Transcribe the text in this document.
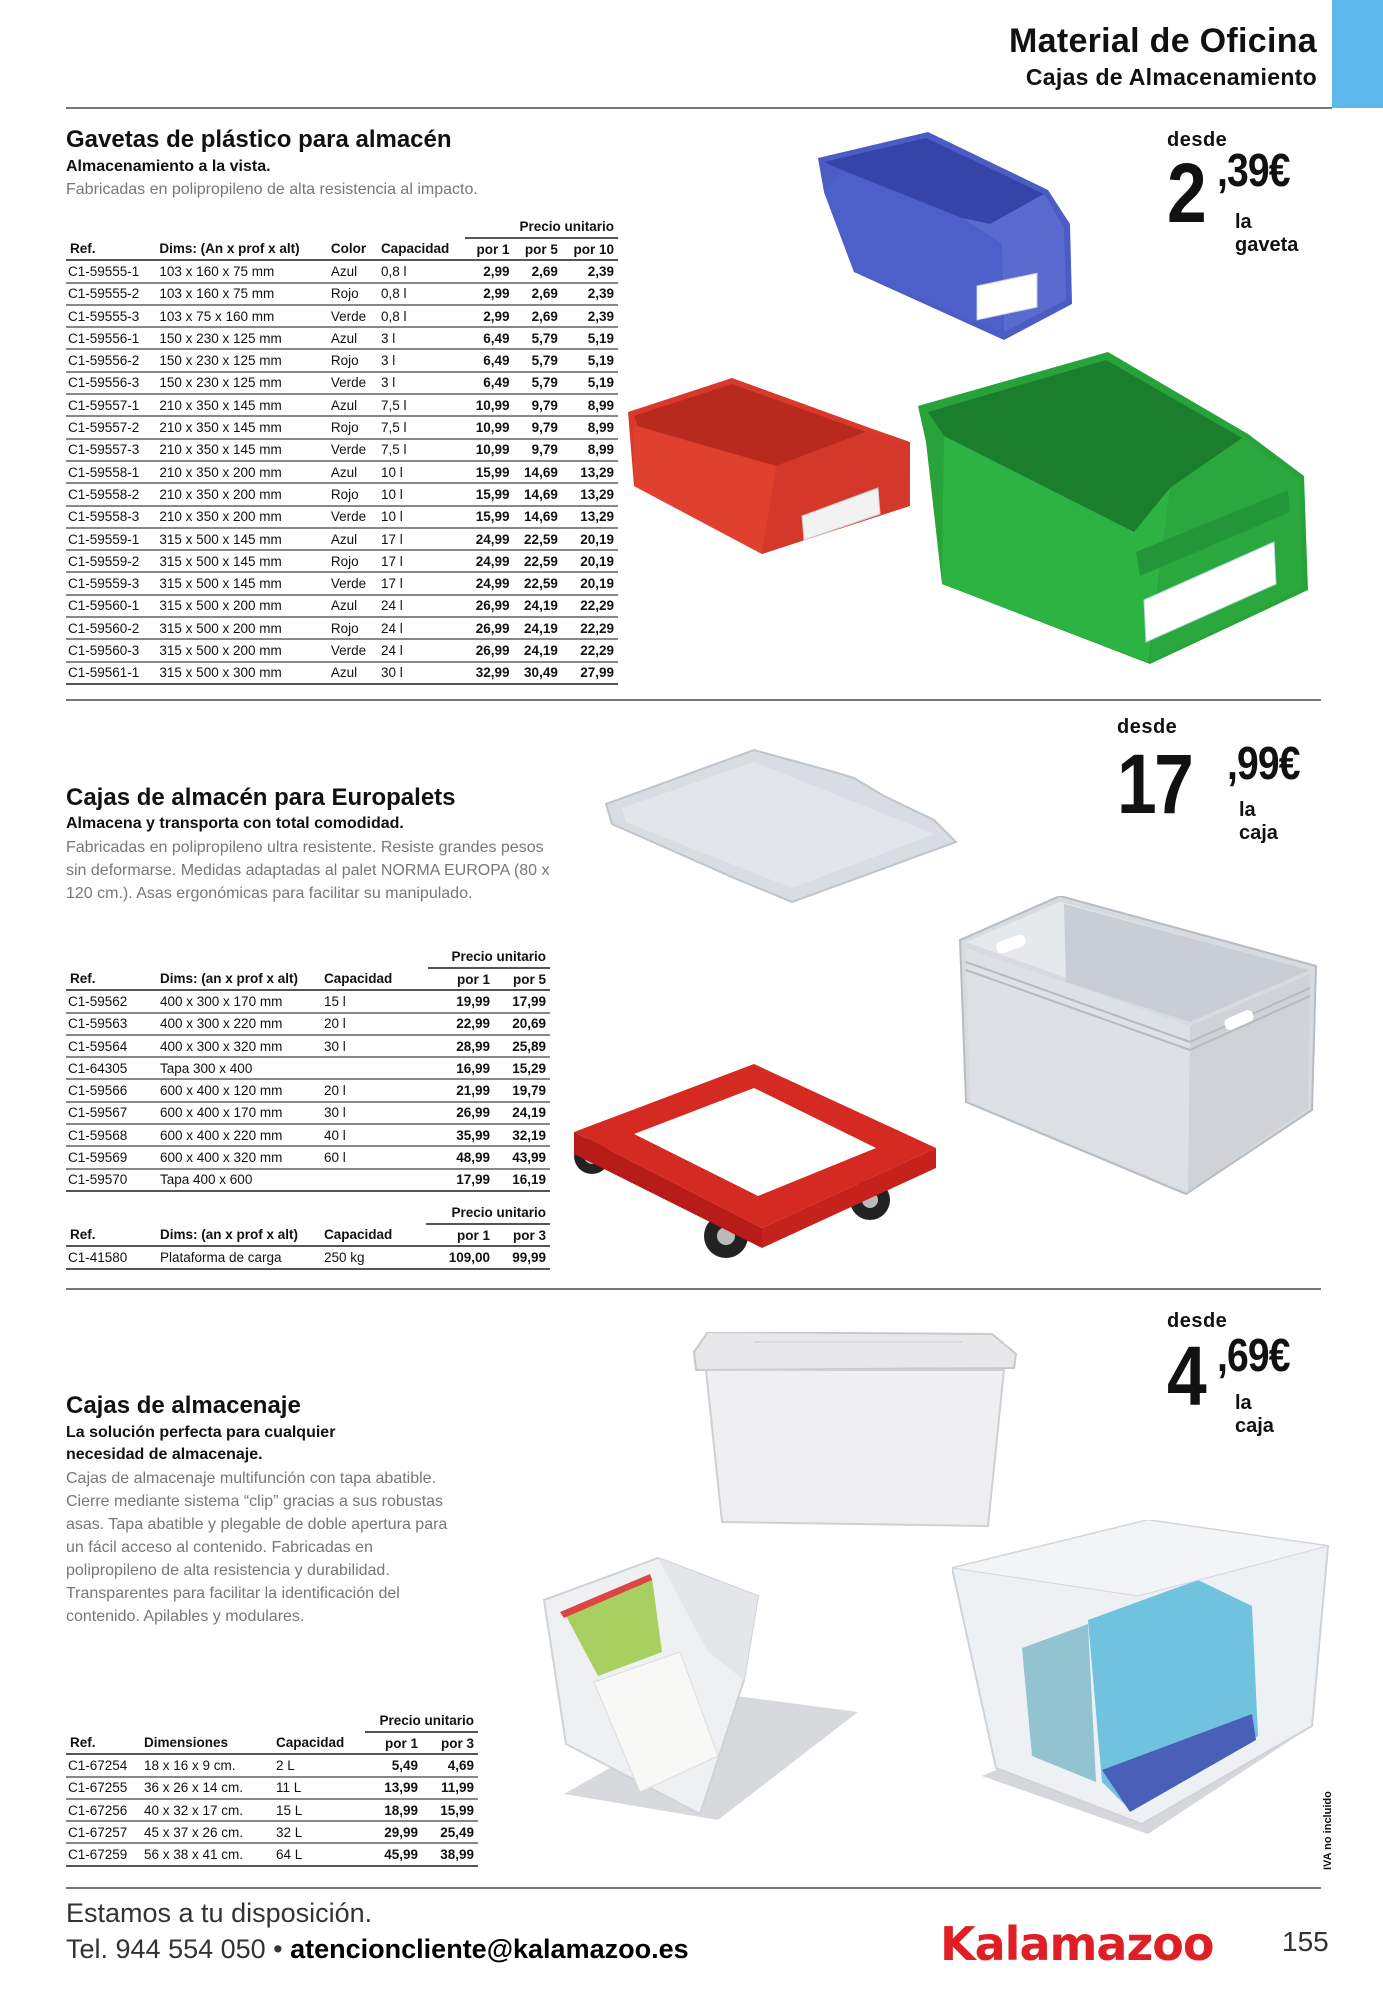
Material de Oficina
Cajas de Almacenamiento
Gavetas de plástico para almacén
Almacenamiento a la vista.
Fabricadas en polipropileno de alta resistencia al impacto.
				Precio unitario		
Ref.	Dims: (An x prof x alt)	Color	Capacidad	por 1	por 5	por 10
C1-59555-1	103 x 160 x 75 mm	Azul	0,8 l	2,99	2,69	2,39
C1-59555-2	103 x 160 x 75 mm	Rojo	0,8 l	2,99	2,69	2,39
C1-59555-3	103 x 75 x 160 mm	Verde	0,8 l	2,99	2,69	2,39
C1-59556-1	150 x 230 x 125 mm	Azul	3 l	6,49	5,79	5,19
C1-59556-2	150 x 230 x 125 mm	Rojo	3 l	6,49	5,79	5,19
C1-59556-3	150 x 230 x 125 mm	Verde	3 l	6,49	5,79	5,19
C1-59557-1	210 x 350 x 145 mm	Azul	7,5 l	10,99	9,79	8,99
C1-59557-2	210 x 350 x 145 mm	Rojo	7,5 l	10,99	9,79	8,99
C1-59557-3	210 x 350 x 145 mm	Verde	7,5 l	10,99	9,79	8,99
C1-59558-1	210 x 350 x 200 mm	Azul	10 l	15,99	14,69	13,29
C1-59558-2	210 x 350 x 200 mm	Rojo	10 l	15,99	14,69	13,29
C1-59558-3	210 x 350 x 200 mm	Verde	10 l	15,99	14,69	13,29
C1-59559-1	315 x 500 x 145 mm	Azul	17 l	24,99	22,59	20,19
C1-59559-2	315 x 500 x 145 mm	Rojo	17 l	24,99	22,59	20,19
C1-59559-3	315 x 500 x 145 mm	Verde	17 l	24,99	22,59	20,19
C1-59560-1	315 x 500 x 200 mm	Azul	24 l	26,99	24,19	22,29
C1-59560-2	315 x 500 x 200 mm	Rojo	24 l	26,99	24,19	22,29
C1-59560-3	315 x 500 x 200 mm	Verde	24 l	26,99	24,19	22,29
C1-59561-1	315 x 500 x 300 mm	Azul	30 l	32,99	30,49	27,99
desde
2 ,39€
la gaveta
Cajas de almacén para Europalets
Almacena y transporta con total comodidad.
Fabricadas en polipropileno ultra resistente. Resiste grandes pesos sin deformarse. Medidas adaptadas al palet NORMA EUROPA (80 x 120 cm.). Asas ergonómicas para facilitar su manipulado.
			Precio unitario	
Ref.	Dims: (an x prof x alt)	Capacidad	por 1	por 5
C1-59562	400 x 300 x 170 mm	15 l	19,99	17,99
C1-59563	400 x 300 x 220 mm	20 l	22,99	20,69
C1-59564	400 x 300 x 320 mm	30 l	28,99	25,89
C1-64305	Tapa 300 x 400		16,99	15,29
C1-59566	600 x 400 x 120 mm	20 l	21,99	19,79
C1-59567	600 x 400 x 170 mm	30 l	26,99	24,19
C1-59568	600 x 400 x 220 mm	40 l	35,99	32,19
C1-59569	600 x 400 x 320 mm	60 l	48,99	43,99
C1-59570	Tapa 400 x 600		17,99	16,19
			Precio unitario	
Ref.	Dims: (an x prof x alt)	Capacidad	por 1	por 3
C1-41580	Plataforma de carga	250 kg	109,00	99,99
desde
17 ,99€
la caja
Cajas de almacenaje
La solución perfecta para cualquier necesidad de almacenaje.
Cajas de almacenaje multifunción con tapa abatible. Cierre mediante sistema “clip” gracias a sus robustas asas. Tapa abatible y plegable de doble apertura para un fácil acceso al contenido. Fabricadas en polipropileno de alta resistencia y durabilidad. Transparentes para facilitar la identificación del contenido. Apilables y modulares.
			Precio unitario	
Ref.	Dimensiones	Capacidad	por 1	por 3
C1-67254	18 x 16 x 9 cm.	2 L	5,49	4,69
C1-67255	36 x 26 x 14 cm.	11 L	13,99	11,99
C1-67256	40 x 32 x 17 cm.	15 L	18,99	15,99
C1-67257	45 x 37 x 26 cm.	32 L	29,99	25,49
C1-67259	56 x 38 x 41 cm.	64 L	45,99	38,99
desde
4 ,69€
la caja
IVA no incluido
Estamos a tu disposición.
Tel. 944 554 050 • atencioncliente@kalamazoo.es	Kalamazoo 155
